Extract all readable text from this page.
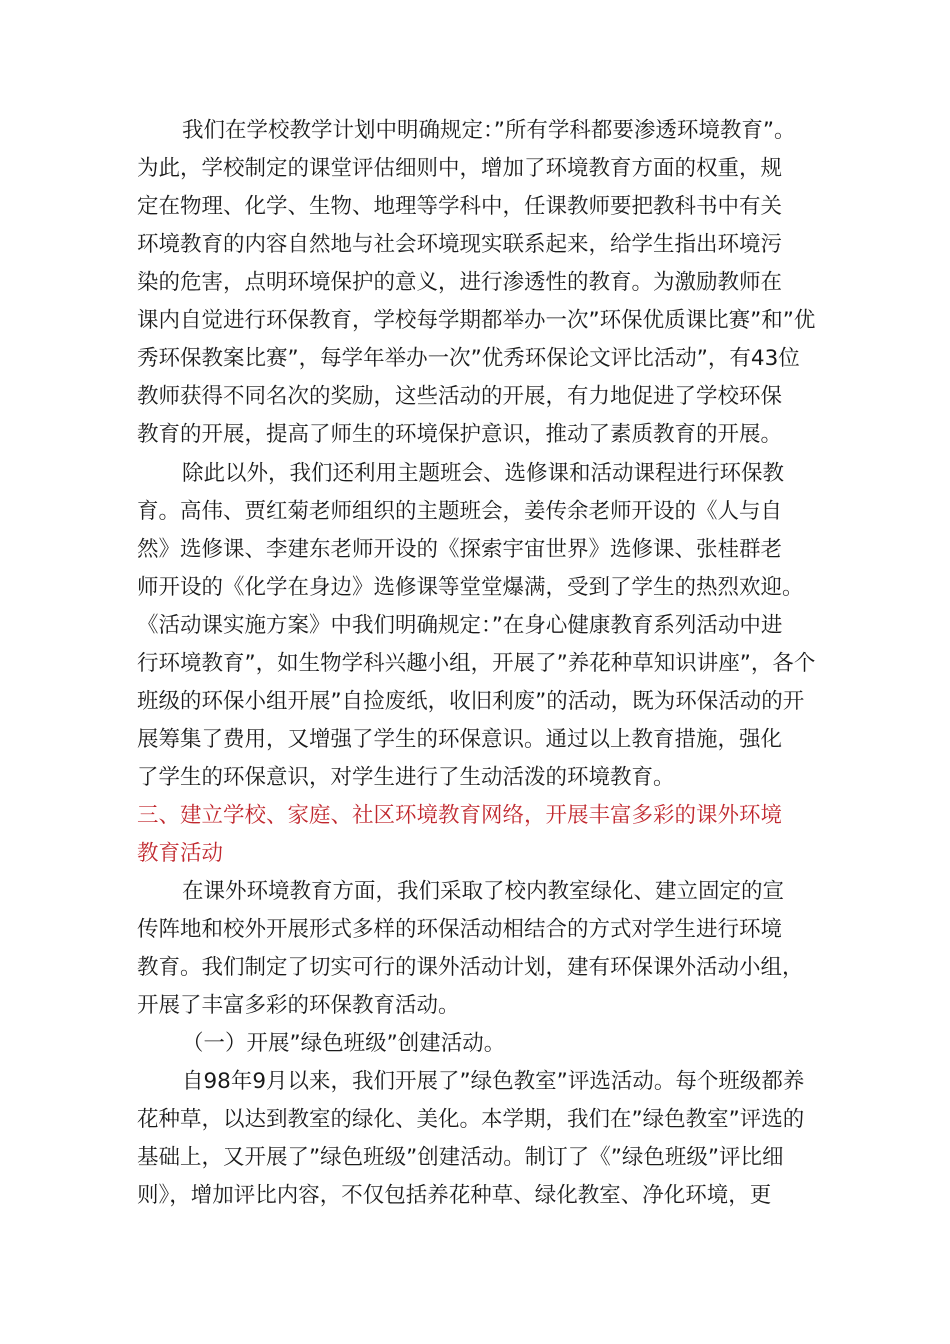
我们在学校教学计划中明确规定：”所有学科都要渗透环境教育”。
为此，学校制定的课堂评估细则中，增加了环境教育方面的权重，规
定在物理、化学、生物、地理等学科中，任课教师要把教科书中有关
环境教育的内容自然地与社会环境现实联系起来，给学生指出环境污
染的危害，点明环境保护的意义，进行渗透性的教育。为激励教师在
课内自觉进行环保教育，学校每学期都举办一次”环保优质课比赛”和”优
秀环保教案比赛”，每学年举办一次”优秀环保论文评比活动”，有43位
教师获得不同名次的奖励，这些活动的开展，有力地促进了学校环保
教育的开展，提高了师生的环境保护意识，推动了素质教育的开展。
除此以外，我们还利用主题班会、选修课和活动课程进行环保教
育。高伟、贾红菊老师组织的主题班会，姜传余老师开设的《人与自
然》选修课、李建东老师开设的《探索宇宙世界》选修课、张桂群老
师开设的《化学在身边》选修课等堂堂爆满，受到了学生的热烈欢迎。
《活动课实施方案》中我们明确规定：”在身心健康教育系列活动中进
行环境教育”，如生物学科兴趣小组，开展了”养花种草知识讲座”，各个
班级的环保小组开展”自捡废纸，收旧利废”的活动，既为环保活动的开
展筹集了费用，又增强了学生的环保意识。通过以上教育措施，强化
了学生的环保意识，对学生进行了生动活泼的环境教育。
三、建立学校、家庭、社区环境教育网络，开展丰富多彩的课外环境
教育活动
在课外环境教育方面，我们采取了校内教室绿化、建立固定的宣
传阵地和校外开展形式多样的环保活动相结合的方式对学生进行环境
教育。我们制定了切实可行的课外活动计划，建有环保课外活动小组，
开展了丰富多彩的环保教育活动。
（一）开展”绿色班级”创建活动。
自98年9月以来，我们开展了”绿色教室”评选活动。每个班级都养
花种草，以达到教室的绿化、美化。本学期，我们在”绿色教室”评选的
基础上，又开展了”绿色班级”创建活动。制订了《”绿色班级”评比细
则》，增加评比内容，不仅包括养花种草、绿化教室、净化环境，更
